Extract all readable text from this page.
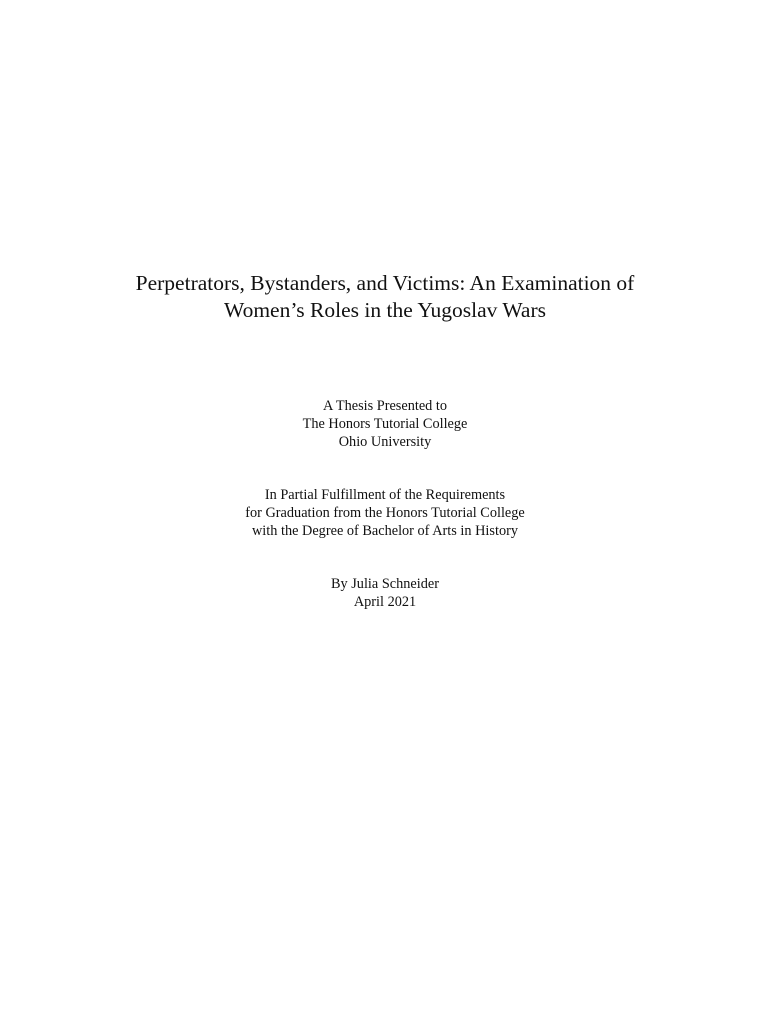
Perpetrators, Bystanders, and Victims: An Examination of
Women’s Roles in the Yugoslav Wars
A Thesis Presented to
The Honors Tutorial College
Ohio University
In Partial Fulfillment of the Requirements
for Graduation from the Honors Tutorial College
with the Degree of Bachelor of Arts in History
By Julia Schneider
April 2021
